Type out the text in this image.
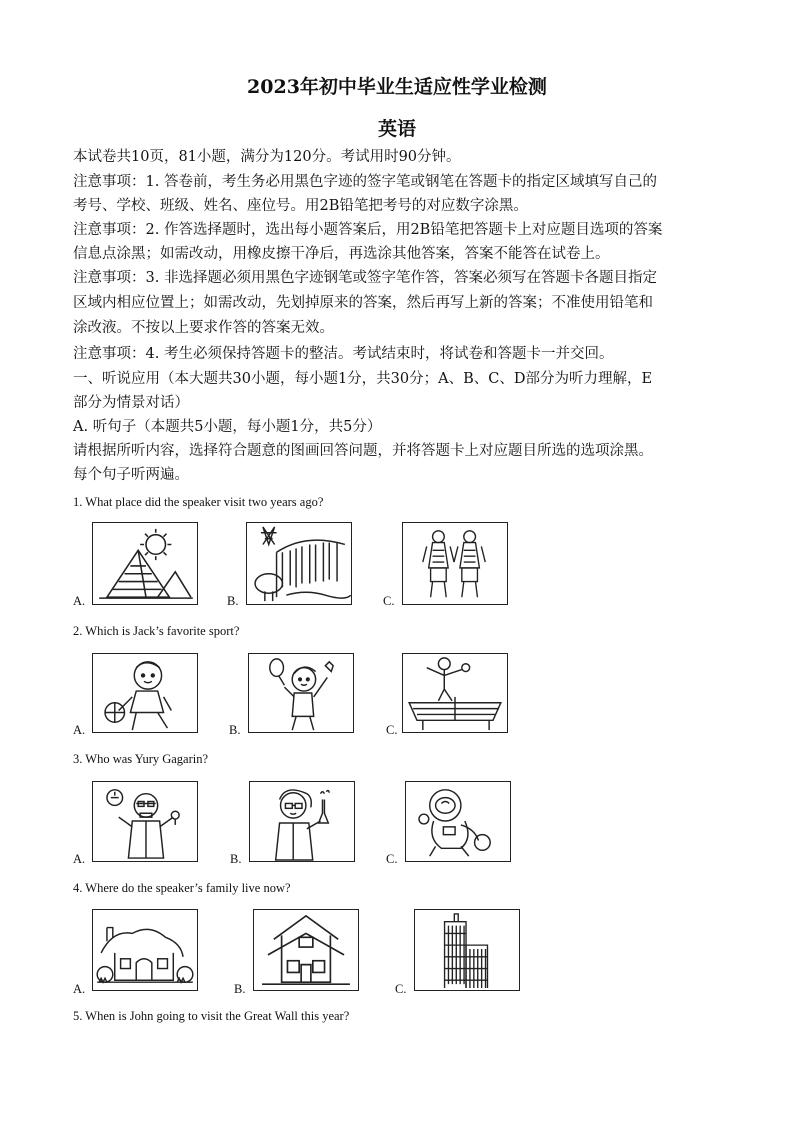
2023年初中毕业生适应性学业检测
英语
本试卷共10页，81小题，满分为120分。考试用时90分钟。
注意事项：1. 答卷前，考生务必用黑色字迹的签字笔或钢笔在答题卡的指定区域填写自己的
考号、学校、班级、姓名、座位号。用2B铅笔把考号的对应数字涂黑。
注意事项：2. 作答选择题时，选出每小题答案后，用2B铅笔把答题卡上对应题目选项的答案
信息点涂黑；如需改动，用橡皮擦干净后，再选涂其他答案，答案不能答在试卷上。
注意事项：3. 非选择题必须用黑色字迹钢笔或签字笔作答，答案必须写在答题卡各题目指定
区域内相应位置上；如需改动，先划掉原来的答案，然后再写上新的答案；不准使用铅笔和
涂改液。不按以上要求作答的答案无效。
注意事项：4. 考生必须保持答题卡的整洁。考试结束时，将试卷和答题卡一并交回。
一、听说应用（本大题共30小题，每小题1分，共30分；A、B、C、D部分为听力理解，E
部分为情景对话）
A. 听句子（本题共5小题，每小题1分，共5分）
请根据所听内容，选择符合题意的图画回答问题，并将答题卡上对应题目所选的选项涂黑。
每个句子听两遍。
1. What place did the speaker visit two years ago?
A.	B.	C.
2. Which is Jack’s favorite sport?
A.	B.	C.
3. Who was Yury Gagarin?
A.	B.	C.
4. Where do the speaker’s family live now?
A.	B.	C.
5. When is John going to visit the Great Wall this year?
